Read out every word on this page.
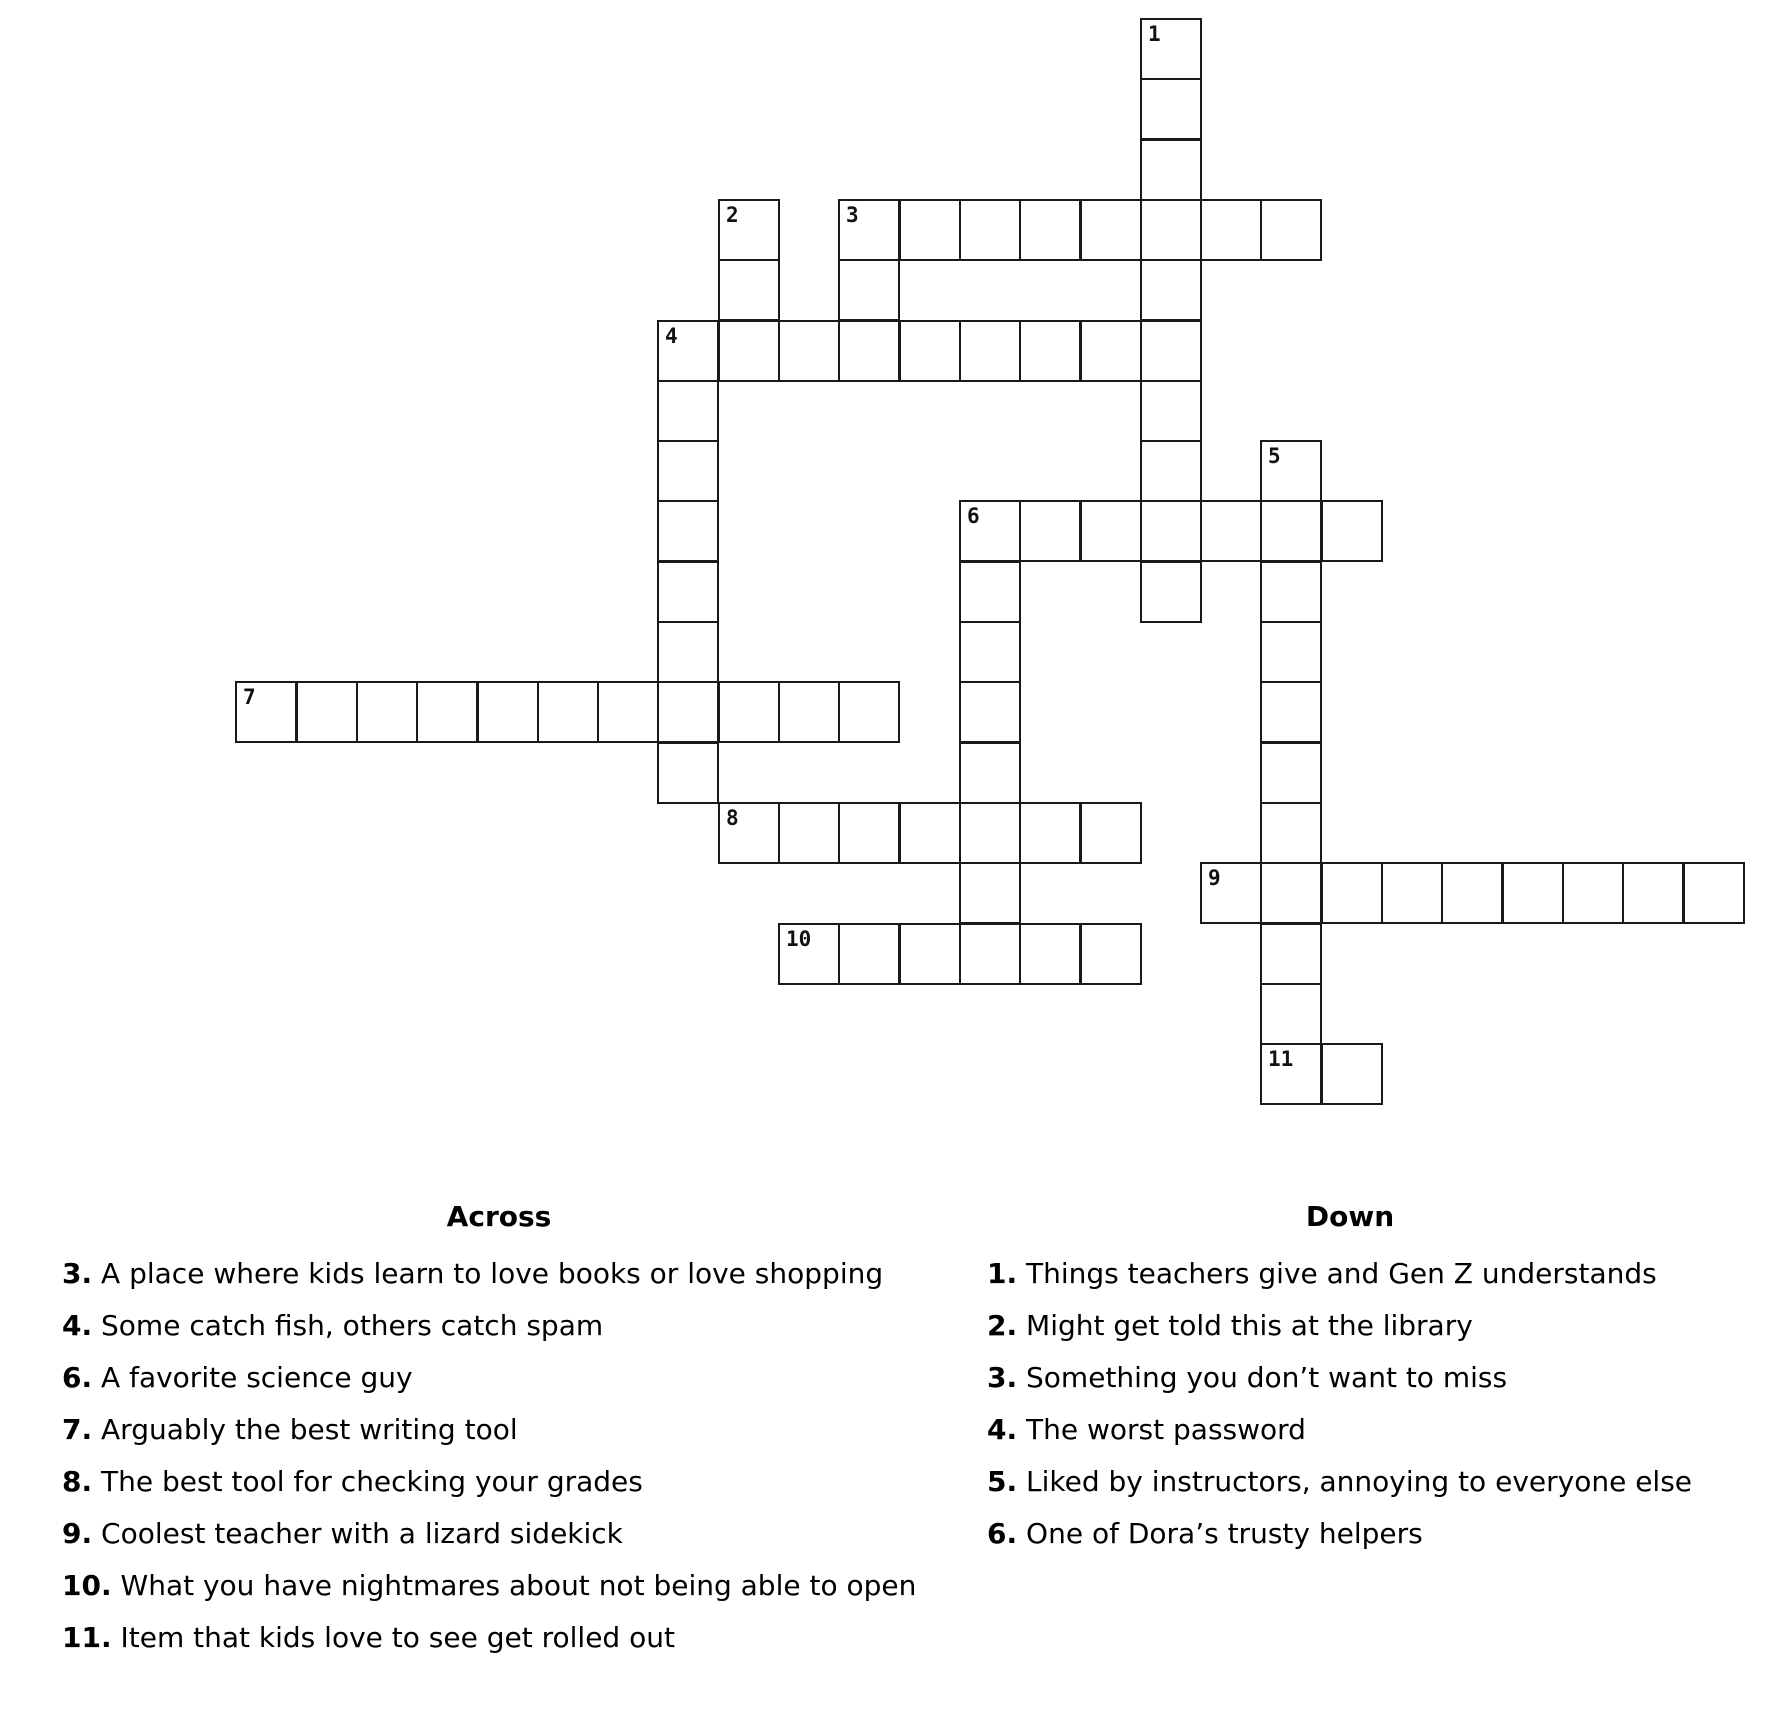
1
2	3
4
5
6
7
8
9
10
11
Across
3. A place where kids learn to love books or love shopping
4. Some catch fish, others catch spam
6. A favorite science guy
7. Arguably the best writing tool
8. The best tool for checking your grades
9. Coolest teacher with a lizard sidekick
10. What you have nightmares about not being able to open
11. Item that kids love to see get rolled out
Down
1. Things teachers give and Gen Z understands
2. Might get told this at the library
3. Something you don’t want to miss
4. The worst password
5. Liked by instructors, annoying to everyone else
6. One of Dora’s trusty helpers
